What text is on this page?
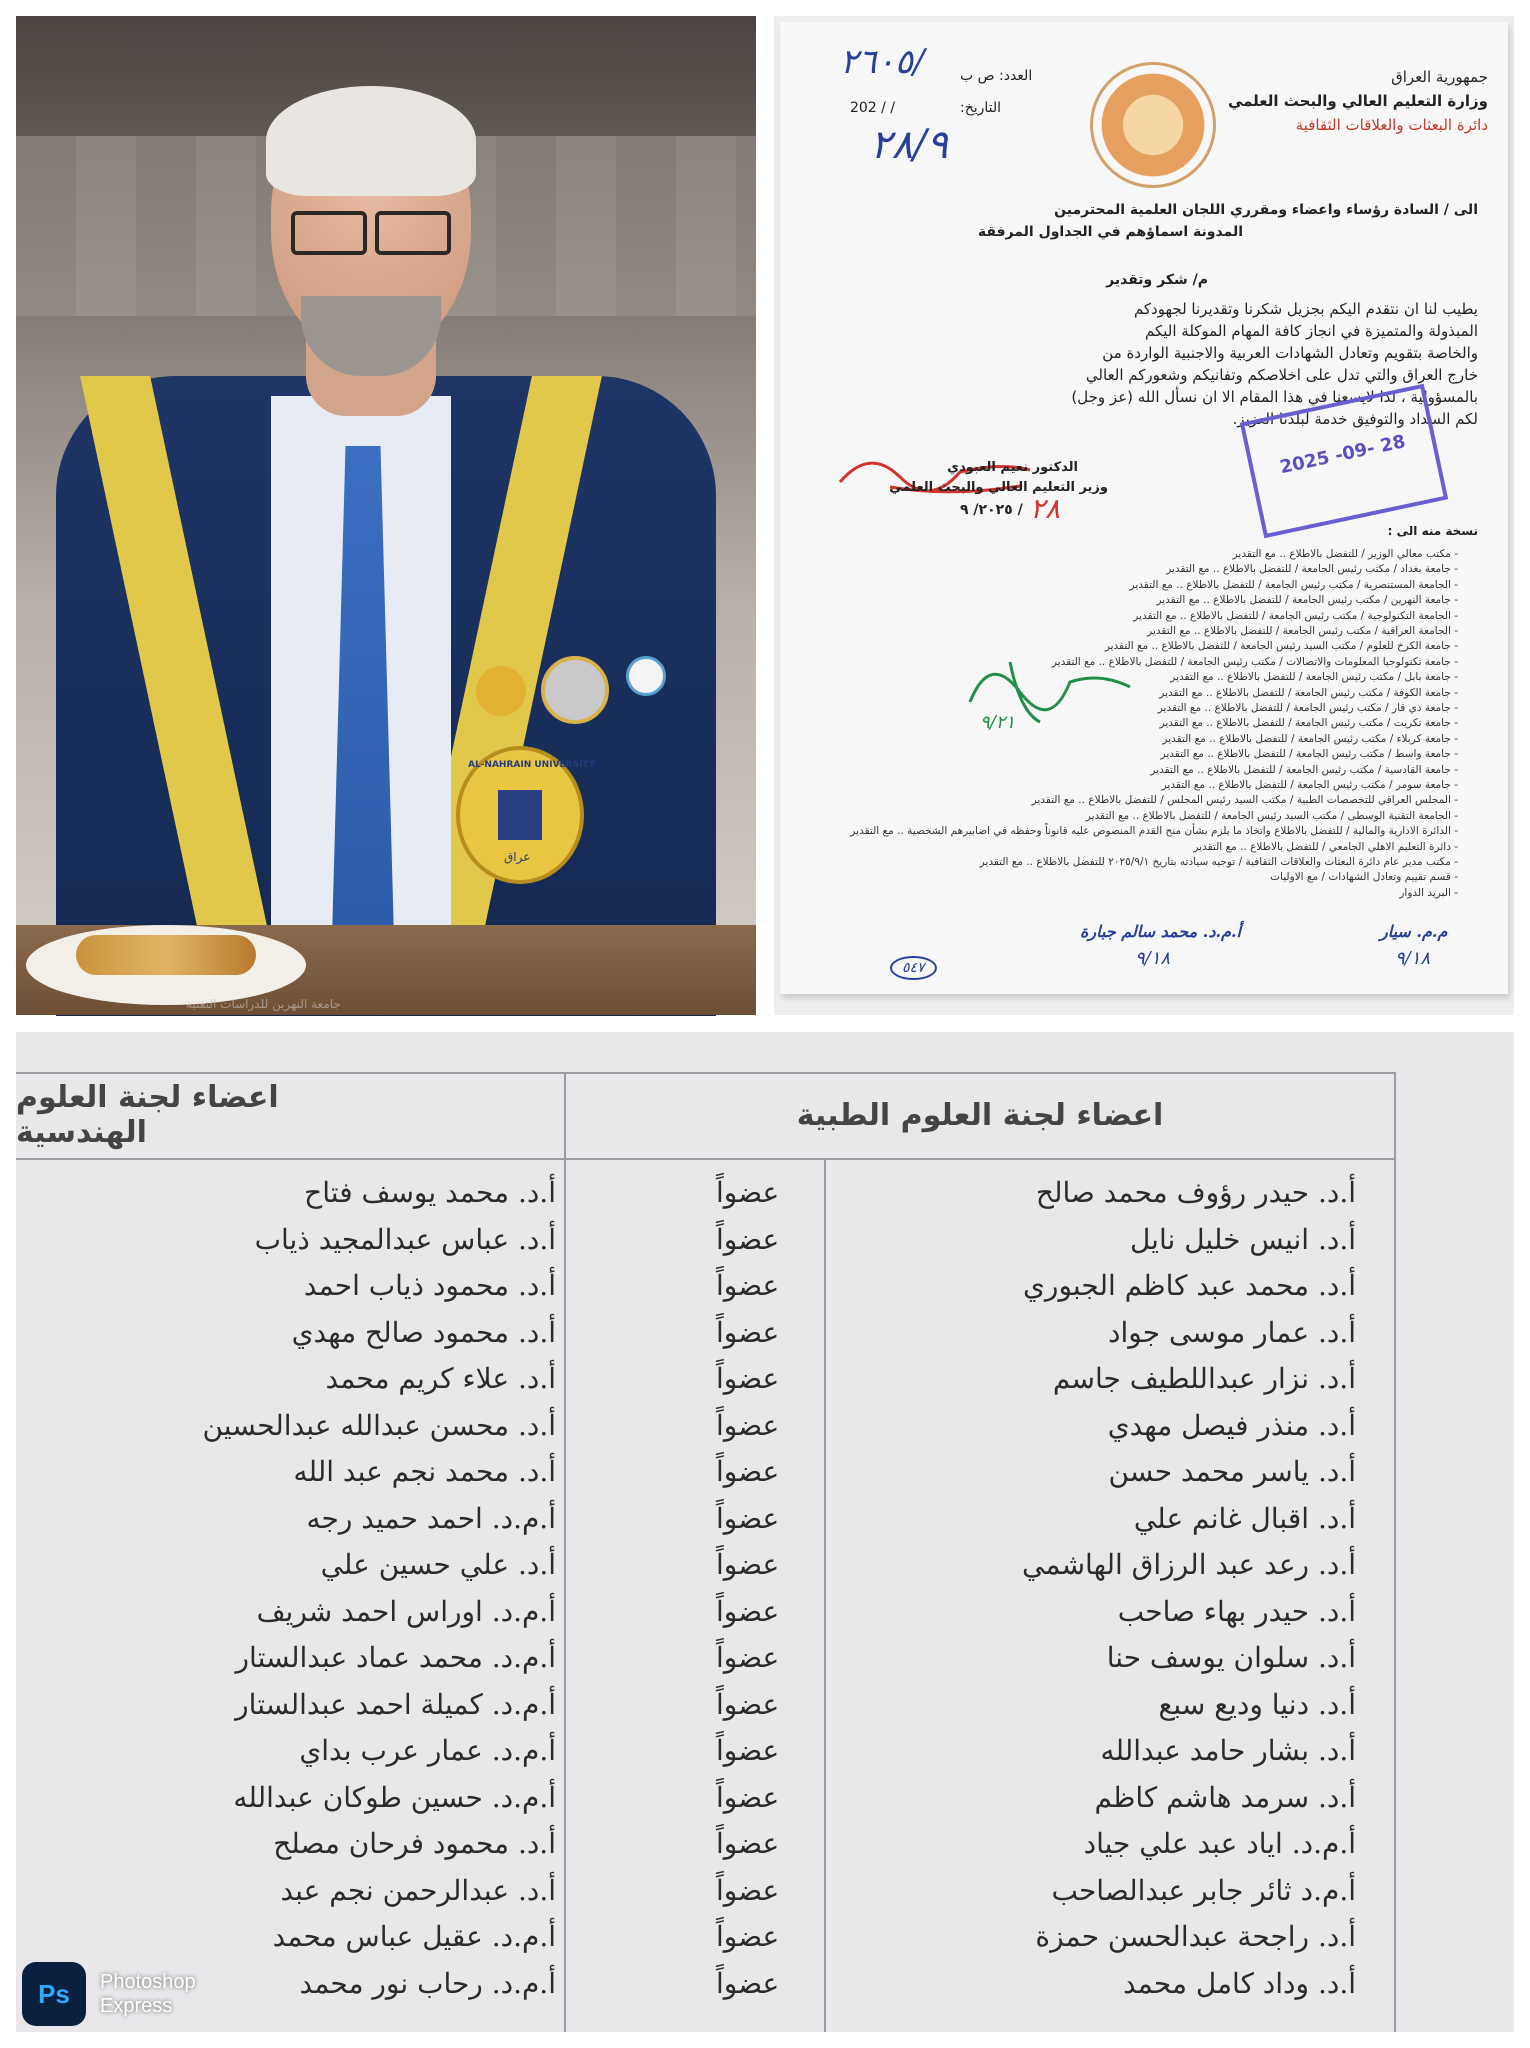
AL-NAHRAIN UNIVERSITY
عراق
جامعة النهرين للدراسات التقنية
جمهورية العراق
وزارة التعليم العالي والبحث العلمي
دائرة البعثات والعلاقات الثقافية
العدد: ص ب
٢٦٠٥/
التاريخ:
202 / /
٢٨/٩
الى / السادة رؤساء واعضاء ومقرري اللجان العلمية المحترمين
المدونة اسماؤهم في الجداول المرفقة
م/ شكر وتقدير
يطيب لنا ان نتقدم اليكم بجزيل شكرنا وتقديرنا لجهودكم
المبذولة والمتميزة في انجاز كافة المهام الموكلة اليكم
والخاصة بتقويم وتعادل الشهادات العربية والاجنبية الواردة من
خارج العراق والتي تدل على اخلاصكم وتفانيكم وشعوركم العالي
بالمسؤولية ، لذا لايسعنا في هذا المقام الا ان نسأل الله (عز وجل)
لكم السداد والتوفيق خدمة لبلدنا العزيز.
2025 -09- 28
الدكتور نعيم العبودي
وزير التعليم العالي والبحث العلمي
٢٠٢٥/ ٩ / ٢٨
نسخة منه الى :
- مكتب معالي الوزير / للتفضل بالاطلاع .. مع التقدير
- جامعة بغداد / مكتب رئيس الجامعة / للتفضل بالاطلاع .. مع التقدير
- الجامعة المستنصرية / مكتب رئيس الجامعة / للتفضل بالاطلاع .. مع التقدير
- جامعة النهرين / مكتب رئيس الجامعة / للتفضل بالاطلاع .. مع التقدير
- الجامعة التكنولوجية / مكتب رئيس الجامعة / للتفضل بالاطلاع .. مع التقدير
- الجامعة العراقية / مكتب رئيس الجامعة / للتفضل بالاطلاع .. مع التقدير
- جامعة الكرخ للعلوم / مكتب السيد رئيس الجامعة / للتفضل بالاطلاع .. مع التقدير
- جامعة تكنولوجيا المعلومات والاتصالات / مكتب رئيس الجامعة / للتفضل بالاطلاع .. مع التقدير
- جامعة بابل / مكتب رئيس الجامعة / للتفضل بالاطلاع .. مع التقدير
- جامعة الكوفة / مكتب رئيس الجامعة / للتفضل بالاطلاع .. مع التقدير
- جامعة ذي قار / مكتب رئيس الجامعة / للتفضل بالاطلاع .. مع التقدير
- جامعة تكريت / مكتب رئيس الجامعة / للتفضل بالاطلاع .. مع التقدير
- جامعة كربلاء / مكتب رئيس الجامعة / للتفضل بالاطلاع .. مع التقدير
- جامعة واسط / مكتب رئيس الجامعة / للتفضل بالاطلاع .. مع التقدير
- جامعة القادسية / مكتب رئيس الجامعة / للتفضل بالاطلاع .. مع التقدير
- جامعة سومر / مكتب رئيس الجامعة / للتفضل بالاطلاع .. مع التقدير
- المجلس العراقي للتخصصات الطبية / مكتب السيد رئيس المجلس / للتفضل بالاطلاع .. مع التقدير
- الجامعة التقنية الوسطى / مكتب السيد رئيس الجامعة / للتفضل بالاطلاع .. مع التقدير
- الدائرة الادارية والمالية / للتفضل بالاطلاع واتخاذ ما يلزم بشأن منح القدم المنصوص عليه قانوناً وحفظه في اضابيرهم الشخصية .. مع التقدير
- دائرة التعليم الاهلي الجامعي / للتفضل بالاطلاع .. مع التقدير
- مكتب مدير عام دائرة البعثات والعلاقات الثقافية / توجيه سيادته بتاريخ ٢٠٢٥/٩/١ للتفضل بالاطلاع .. مع التقدير
- قسم تقييم وتعادل الشهادات / مع الاوليات
- البريد الدوار
٩/٢١
أ.م.د. محمد سالم جبارة
٩/١٨
م.م. سيار
٩/١٨
٥٤٧
اعضاء لجنة العلوم الطبية
اعضاء لجنة العلوم الهندسية
أ.د. حيدر رؤوف محمد صالح
عضواً
أ.د. محمد يوسف فتاح
أ.د. انيس خليل نايل
عضواً
أ.د. عباس عبدالمجيد ذياب
أ.د. محمد عبد كاظم الجبوري
عضواً
أ.د. محمود ذياب احمد
أ.د. عمار موسى جواد
عضواً
أ.د. محمود صالح مهدي
أ.د. نزار عبداللطيف جاسم
عضواً
أ.د. علاء كريم محمد
أ.د. منذر فيصل مهدي
عضواً
أ.د. محسن عبدالله عبدالحسين
أ.د. ياسر محمد حسن
عضواً
أ.د. محمد نجم عبد الله
أ.د. اقبال غانم علي
عضواً
أ.م.د. احمد حميد رجه
أ.د. رعد عبد الرزاق الهاشمي
عضواً
أ.د. علي حسين علي
أ.د. حيدر بهاء صاحب
عضواً
أ.م.د. اوراس احمد شريف
أ.د. سلوان يوسف حنا
عضواً
أ.م.د. محمد عماد عبدالستار
أ.د. دنيا وديع سبع
عضواً
أ.م.د. كميلة احمد عبدالستار
أ.د. بشار حامد عبدالله
عضواً
أ.م.د. عمار عرب بداي
أ.د. سرمد هاشم كاظم
عضواً
أ.م.د. حسين طوكان عبدالله
أ.م.د. اياد عبد علي جياد
عضواً
أ.د. محمود فرحان مصلح
أ.م.د ثائر جابر عبدالصاحب
عضواً
أ.د. عبدالرحمن نجم عبد
أ.د. راجحة عبدالحسن حمزة
عضواً
أ.م.د. عقيل عباس محمد
أ.د. وداد كامل محمد
عضواً
أ.م.د. رحاب نور محمد
Ps	Photoshop
Express
